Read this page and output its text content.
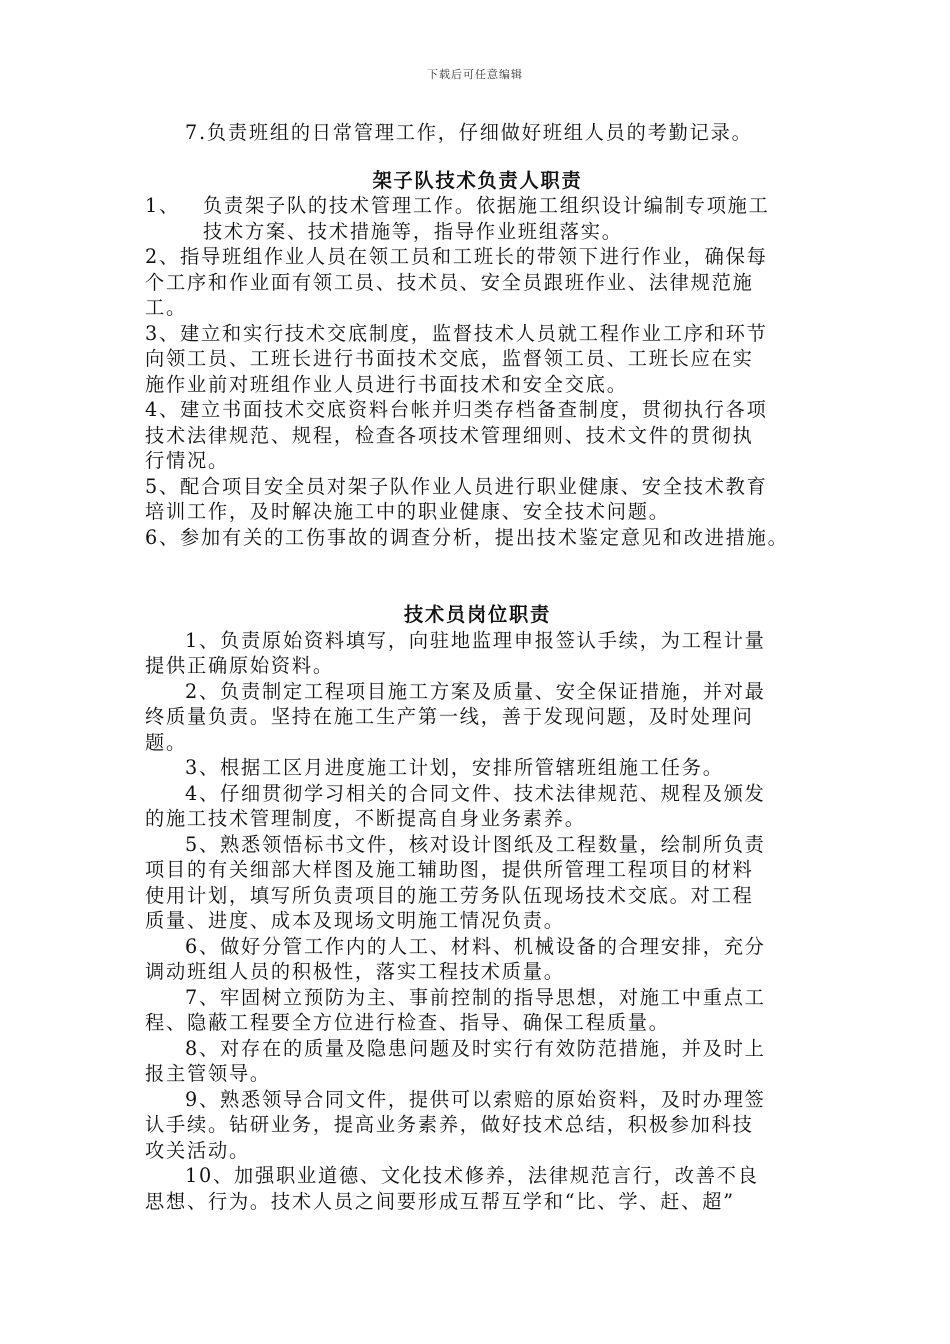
下载后可任意编辑
7.负责班组的日常管理工作，仔细做好班组人员的考勤记录。
架子队技术负责人职责
1、 负责架子队的技术管理工作。依据施工组织设计编制专项施工
技术方案、技术措施等，指导作业班组落实。
2、指导班组作业人员在领工员和工班长的带领下进行作业，确保每
个工序和作业面有领工员、技术员、安全员跟班作业、法律规范施
工。
3、建立和实行技术交底制度，监督技术人员就工程作业工序和环节
向领工员、工班长进行书面技术交底，监督领工员、工班长应在实
施作业前对班组作业人员进行书面技术和安全交底。
4、建立书面技术交底资料台帐并归类存档备查制度，贯彻执行各项
技术法律规范、规程，检查各项技术管理细则、技术文件的贯彻执
行情况。
5、配合项目安全员对架子队作业人员进行职业健康、安全技术教育
培训工作，及时解决施工中的职业健康、安全技术问题。
6、参加有关的工伤事故的调查分析，提出技术鉴定意见和改进措施。
技术员岗位职责
1、负责原始资料填写，向驻地监理申报签认手续，为工程计量
提供正确原始资料。
2、负责制定工程项目施工方案及质量、安全保证措施，并对最
终质量负责。坚持在施工生产第一线，善于发现问题，及时处理问
题。
3、根据工区月进度施工计划，安排所管辖班组施工任务。
4、仔细贯彻学习相关的合同文件、技术法律规范、规程及颁发
的施工技术管理制度，不断提高自身业务素养。
5、熟悉领悟标书文件，核对设计图纸及工程数量，绘制所负责
项目的有关细部大样图及施工辅助图，提供所管理工程项目的材料
使用计划，填写所负责项目的施工劳务队伍现场技术交底。对工程
质量、进度、成本及现场文明施工情况负责。
6、做好分管工作内的人工、材料、机械设备的合理安排，充分
调动班组人员的积极性，落实工程技术质量。
7、牢固树立预防为主、事前控制的指导思想，对施工中重点工
程、隐蔽工程要全方位进行检查、指导、确保工程质量。
8、对存在的质量及隐患问题及时实行有效防范措施，并及时上
报主管领导。
9、熟悉领导合同文件，提供可以索赔的原始资料，及时办理签
认手续。钻研业务，提高业务素养，做好技术总结，积极参加科技
攻关活动。
10、加强职业道德、文化技术修养，法律规范言行，改善不良
思想、行为。技术人员之间要形成互帮互学和“比、学、赶、超”
